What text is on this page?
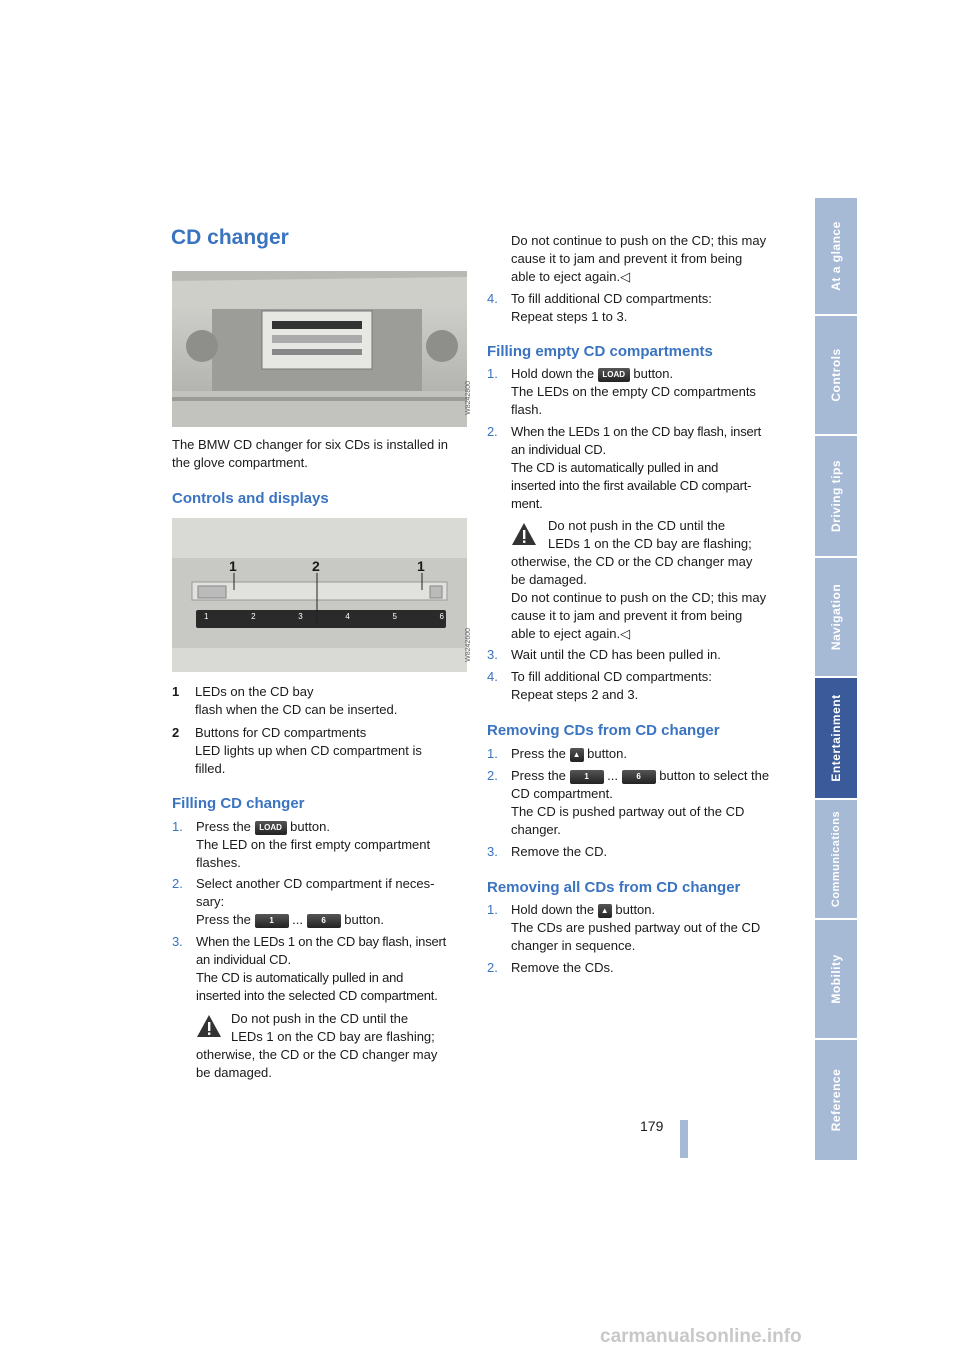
At a glance
Controls
Driving tips
Navigation
Entertainment
Communications
Mobility
Reference
179
CD changer
W8242800
The BMW CD changer for six CDs is installed in the glove compartment.
Controls and displays
1	2	1
1	2	3	4	5	6
W8242600
1 LEDs on the CD bay

flash when the CD can be inserted.
2 Buttons for CD compartments

LED lights up when CD compartment is
filled.
Filling CD changer
1. Press the LOAD button.
The LED on the first empty compartment
flashes.
2. Select another CD compartment if neces-
sary:
Press the 1 ... 6 button.
3. When the LEDs 1 on the CD bay flash, insert
an individual CD.
The CD is automatically pulled in and
inserted into the selected CD compartment.
Do not push in the CD until the
LEDs 1 on the CD bay are flashing;
otherwise, the CD or the CD changer may
be damaged.
Do not continue to push on the CD; this may
cause it to jam and prevent it from being
able to eject again.◁
4. To fill additional CD compartments:
Repeat steps 1 to 3.
Filling empty CD compartments
1. Hold down the LOAD button.
The LEDs on the empty CD compartments
flash.
2. When the LEDs 1 on the CD bay flash, insert
an individual CD.
The CD is automatically pulled in and
inserted into the first available CD compart-
ment.
Do not push in the CD until the
LEDs 1 on the CD bay are flashing;
otherwise, the CD or the CD changer may
be damaged.
Do not continue to push on the CD; this may
cause it to jam and prevent it from being
able to eject again.◁
3. Wait until the CD has been pulled in.
4. To fill additional CD compartments:
Repeat steps 2 and 3.
Removing CDs from CD changer
1. Press the ▲ button.
2. Press the 1 ... 6 button to select the
CD compartment.
The CD is pushed partway out of the CD
changer.
3. Remove the CD.
Removing all CDs from CD changer
1. Hold down the ▲ button.
The CDs are pushed partway out of the CD
changer in sequence.
2. Remove the CDs.
carmanualsonline.info
